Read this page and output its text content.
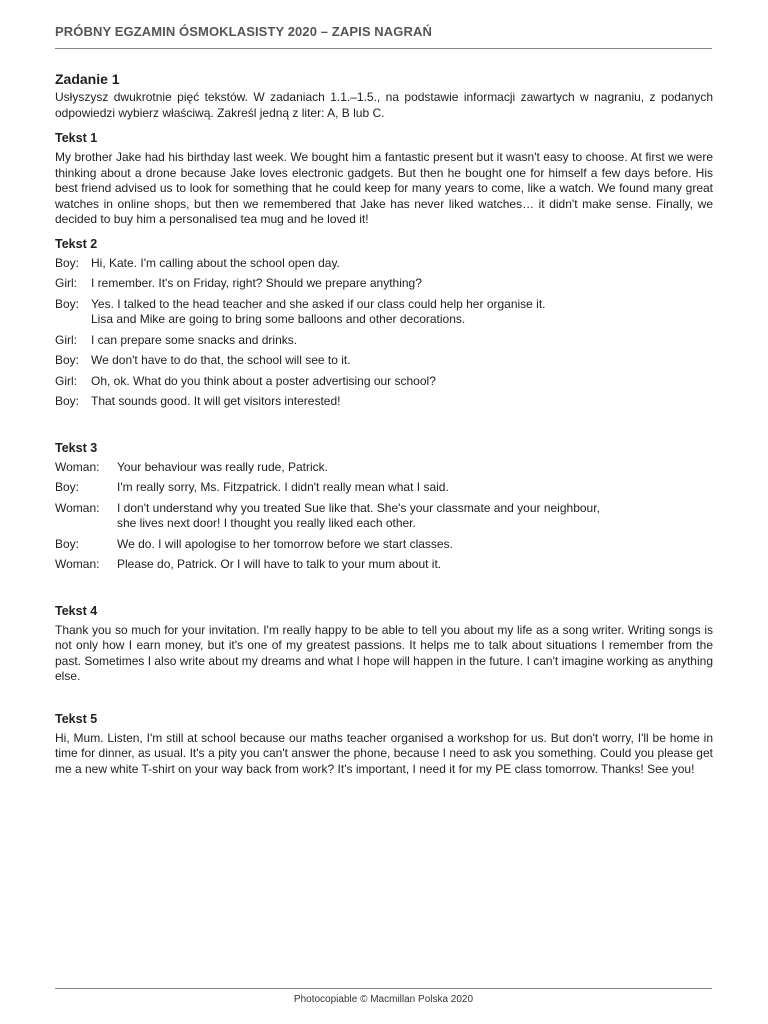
PRÓBNY EGZAMIN ÓSMOKLASISTY 2020 – ZAPIS NAGRAŃ
Zadanie 1

Usłyszysz dwukrotnie pięć tekstów. W zadaniach 1.1.–1.5., na podstawie informacji zawartych w nagraniu, z podanych odpowiedzi wybierz właściwą. Zakreśl jedną z liter: A, B lub C.

Tekst 1

My brother Jake had his birthday last week. We bought him a fantastic present but it wasn't easy to choose. At first we were thinking about a drone because Jake loves electronic gadgets. But then he bought one for himself a few days before. His best friend advised us to look for something that he could keep for many years to come, like a watch. We found many great watches in online shops, but then we remembered that Jake has never liked watches… it didn't make sense. Finally, we decided to buy him a personalised tea mug and he loved it!

Tekst 2
Boy: Hi, Kate. I'm calling about the school open day.
Girl:	I remember. It's on Friday, right? Should we prepare anything?
Boy: Yes. I talked to the head teacher and she asked if our class could help her organise it.
Lisa and Mike are going to bring some balloons and other decorations.
Girl:	I can prepare some snacks and drinks.
Boy: We don't have to do that, the school will see to it.
Girl:	Oh, ok. What do you think about a poster advertising our school?
Boy: That sounds good. It will get visitors interested!
Tekst 3
Woman:	Your behaviour was really rude, Patrick.
Boy:	I'm really sorry, Ms. Fitzpatrick. I didn't really mean what I said.
Woman:	I don't understand why you treated Sue like that. She's your classmate and your neighbour,
she lives next door! I thought you really liked each other.
Boy:	We do. I will apologise to her tomorrow before we start classes.
Woman:	Please do, Patrick. Or I will have to talk to your mum about it.
Tekst 4

Thank you so much for your invitation. I'm really happy to be able to tell you about my life as a song writer. Writing songs is not only how I earn money, but it's one of my greatest passions. It helps me to talk about situations I remember from the past. Sometimes I also write about my dreams and what I hope will happen in the future. I can't imagine working as anything else.

Tekst 5

Hi, Mum. Listen, I'm still at school because our maths teacher organised a workshop for us. But don't worry, I'll be home in time for dinner, as usual. It's a pity you can't answer the phone, because I need to ask you something. Could you please get me a new white T-shirt on your way back from work? It's important, I need it for my PE class tomorrow. Thanks! See you!

Photocopiable © Macmillan Polska 2020
